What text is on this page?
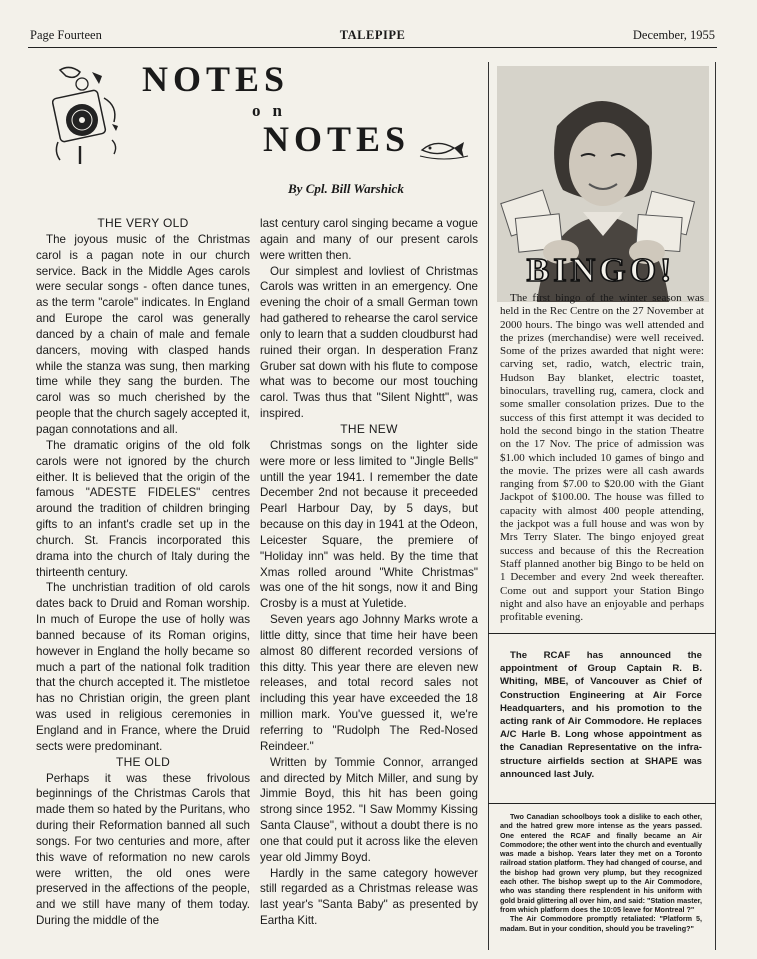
Page Fourteen	TALEPIPE	December, 1955
NOTES
on
NOTES
By Cpl. Bill Warshick
THE VERY OLD

The joyous music of the Christmas carol is a pagan note in our church service. Back in the Middle Ages carols were secular songs - often dance tunes, as the term "carole" indicates. In England and Europe the carol was generally danced by a chain of male and female dancers, moving with clasped hands while the stanza was sung, then marking time while they sang the burden. The carol was so much cherished by the people that the church sagely accepted it, pagan connotations and all.

The dramatic origins of the old folk carols were not ignored by the church either. It is believed that the origin of the famous "ADESTE FIDELES" centres around the tradition of children bringing gifts to an infant's cradle set up in the church. St. Francis incorporated this drama into the church of Italy during the thirteenth century.

The unchristian tradition of old carols dates back to Druid and Roman worship. In much of Europe the use of holly was banned because of its Roman origins, however in England the holly became so much a part of the national folk tradition that the church accepted it. The mistletoe has no Christian origin, the green plant was used in religious ceremonies in England and in France, where the Druid sects were predominant.

THE OLD

Perhaps it was these frivolous beginnings of the Christmas Carols that made them so hated by the Puritans, who during their Reformation banned all such songs. For two centuries and more, after this wave of reformation no new carols were written, the old ones were preserved in the affections of the people, and we still have many of them today. During the middle of the

last century carol singing became a vogue again and many of our present carols were written then.

Our simplest and lovliest of Christmas Carols was written in an emergency. One evening the choir of a small German town had gathered to rehearse the carol service only to learn that a sudden cloudburst had ruined their organ. In desperation Franz Gruber sat down with his flute to compose what was to become our most touching carol. Twas thus that "Silent Nightt", was inspired.

THE NEW

Christmas songs on the lighter side were more or less limited to "Jingle Bells" untill the year 1941. I remember the date December 2nd not because it preceeded Pearl Harbour Day, by 5 days, but because on this day in 1941 at the Odeon, Leicester Square, the premiere of "Holiday inn" was held. By the time that Xmas rolled around "White Christmas" was one of the hit songs, now it and Bing Crosby is a must at Yuletide.

Seven years ago Johnny Marks wrote a little ditty, since that time heir have been almost 80 different recorded versions of this ditty. This year there are eleven new releases, and total record sales not including this year have exceeded the 18 million mark. You've guessed it, we're referring to "Rudolph The Red-Nosed Reindeer."

Written by Tommie Connor, arranged and directed by Mitch Miller, and sung by Jimmie Boyd, this hit has been going strong since 1952. "I Saw Mommy Kissing Santa Clause", without a doubt there is no one that could put it across like the eleven year old Jimmy Boyd.

Hardly in the same category however still regarded as a Christmas release was last year's "Santa Baby" as presented by Eartha Kitt.

BINGO!

The first bingo of the winter season was held in the Rec Centre on the 27 November at 2000 hours. The bingo was well attended and the prizes (merchandise) were well received. Some of the prizes awarded that night were: carving set, radio, watch, electric train, Hudson Bay blanket, electric toastet, binoculars, travelling rug, camera, clock and some smaller consolation prizes. Due to the success of this first attempt it was decided to hold the second bingo in the station Theatre on the 17 Nov. The price of admission was $1.00 which included 10 games of bingo and the movie. The prizes were all cash awards ranging from $7.00 to $20.00 with the Giant Jackpot of $100.00. The house was filled to capacity with almost 400 people attending, the jackpot was a full house and was won by Mrs Terry Slater. The bingo enjoyed great success and because of this the Recreation Staff planned another big Bingo to be held on 1 December and every 2nd week thereafter. Come out and support your Station Bingo night and also have an enjoyable and perhaps profitable evening.

The RCAF has announced the appointment of Group Captain R. B. Whiting, MBE, of Vancouver as Chief of Construction Engineering at Air Force Headquarters, and his promotion to the acting rank of Air Commodore. He replaces A/C Harle B. Long whose appointment as the Canadian Representative on the infra-structure airfields section at SHAPE was announced last July.

Two Canadian schoolboys took a dislike to each other, and the hatred grew more intense as the years passed. One entered the RCAF and finally became an Air Commodore; the other went into the church and eventually was made a bishop. Years later they met on a Toronto railroad station platform. They had changed of course, and the bishop had grown very plump, but they recognized each other. The bishop swept up to the Air Commodore, who was standing there resplendent in his uniform with gold braid glittering all over him, and said: "Station master, from which platform does the 10:05 leave for Montreal ?"

The Air Commodore promptly retaliated: "Platform 5, madam. But in your condition, should you be traveling?"
